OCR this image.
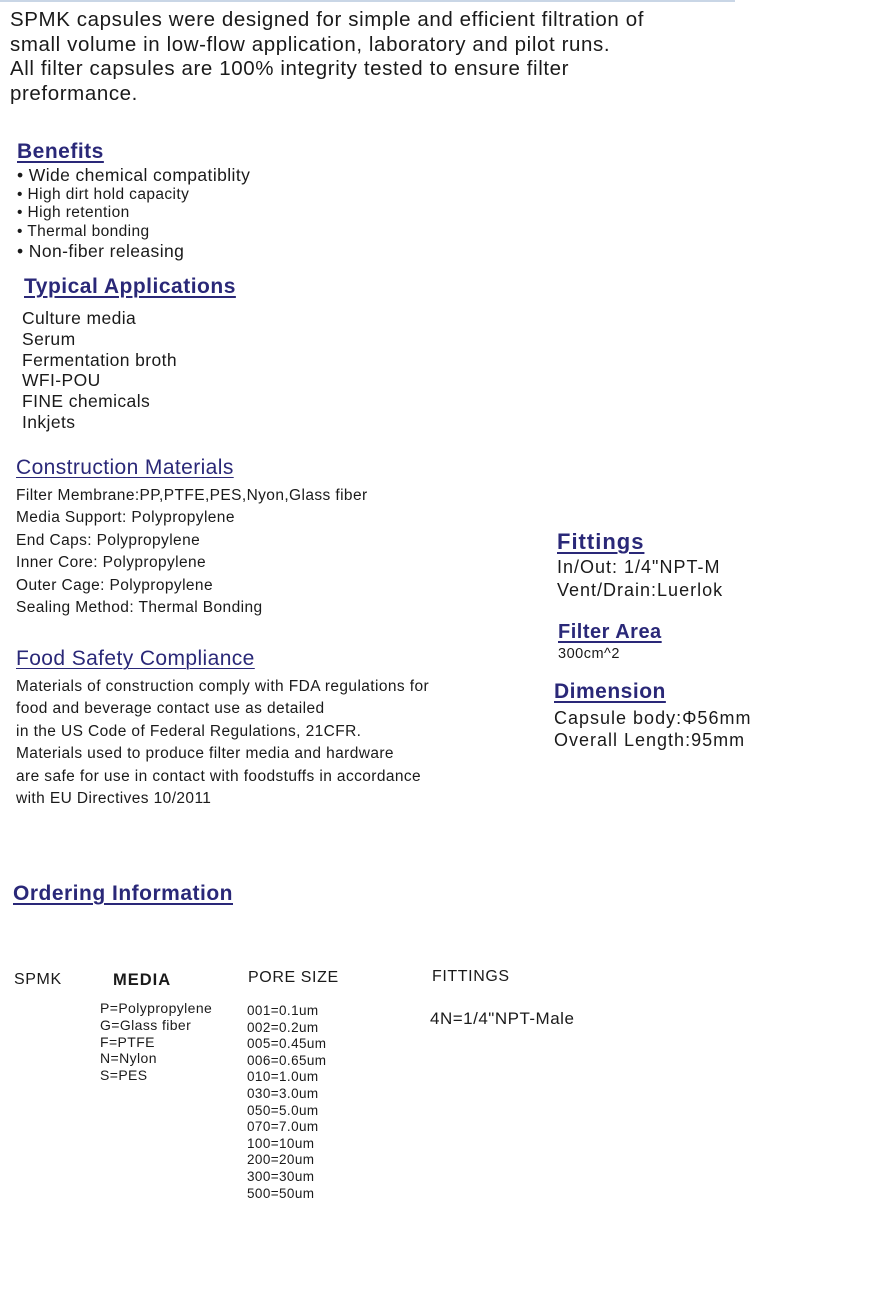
SPMK capsules were designed for simple and efficient filtration of
small volume in low-flow application, laboratory and pilot runs.
All filter capsules are 100% integrity tested to ensure filter
preformance.
Benefits
• Wide chemical compatiblity
• High dirt hold capacity
• High retention
• Thermal bonding
• Non-fiber releasing
Typical Applications
Culture media
Serum
Fermentation broth
WFI-POU
FINE chemicals
Inkjets
Construction Materials
Filter Membrane:PP,PTFE,PES,Nyon,Glass fiber
Media Support: Polypropylene
End Caps: Polypropylene
Inner Core: Polypropylene
Outer Cage: Polypropylene
Sealing Method: Thermal Bonding
Food Safety Compliance
Materials of construction comply with FDA regulations for
food and beverage contact use as detailed
in the US Code of Federal Regulations, 21CFR.
Materials used to produce filter media and hardware
are safe for use in contact with foodstuffs in accordance
with EU Directives 10/2011
Fittings
In/Out: 1/4"NPT-M
Vent/Drain:Luerlok
Filter Area
300cm^2
Dimension
Capsule body:Φ56mm
Overall Length:95mm
Ordering Information
SPMK	MEDIA
P=Polypropylene
G=Glass fiber
F=PTFE
N=Nylon
S=PES
PORE SIZE
001=0.1um
002=0.2um
005=0.45um
006=0.65um
010=1.0um
030=3.0um
050=5.0um
070=7.0um
100=10um
200=20um
300=30um
500=50um
FITTINGS
4N=1/4"NPT-Male
